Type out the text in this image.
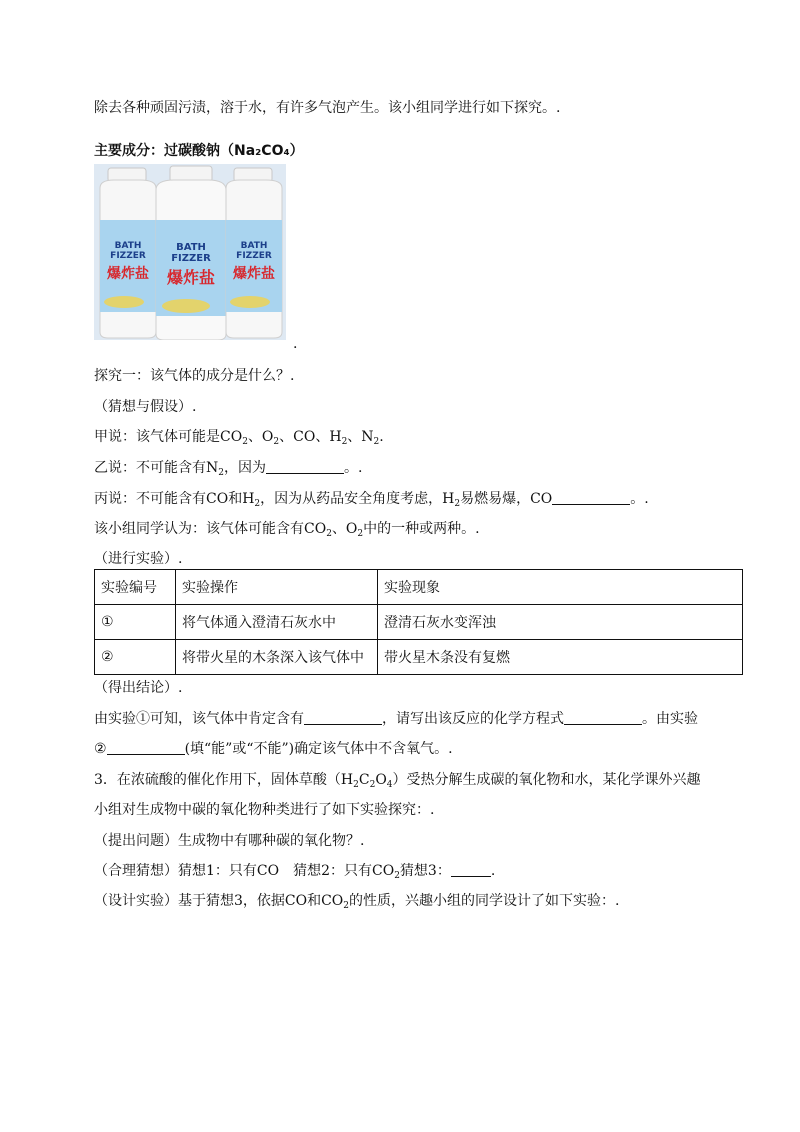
除去各种顽固污渍，溶于水，有许多气泡产生。该小组同学进行如下探究。.
主要成分：过碳酸钠（Na₂CO₄）
BATH
FIZZER
爆炸盐
BATH
FIZZER
爆炸盐
BATH
FIZZER
爆炸盐
.
探究一：该气体的成分是什么？.
（猜想与假设）.
甲说：该气体可能是$CO_2$、$O_2$、CO、$H_2$、$N_2$.
乙说：不可能含有$N_2$，因为	。.
丙说：不可能含有CO和$H_2$，因为从药品安全角度考虑，$H_2$易燃易爆，CO	。.
该小组同学认为：该气体可能含有$CO_2$、$O_2$中的一种或两种。.
（进行实验）.
实验编号	实验操作	实验现象
①	将气体通入澄清石灰水中	澄清石灰水变浑浊
②	将带火星的木条深入该气体中	带火星木条没有复燃
（得出结论）.
由实验①可知，该气体中肯定含有	，请写出该反应的化学方程式	。由实验
②	(填“能”或“不能”)确定该气体中不含氧气。.
3．在浓硫酸的催化作用下，固体草酸$(H_2C_2O_4)$受热分解生成碳的氧化物和水，某化学课外兴趣
小组对生成物中碳的氧化物种类进行了如下实验探究：.
（提出问题）生成物中有哪种碳的氧化物？.
（合理猜想）猜想1：只有CO　猜想2：只有$CO_2$猜想3：	.
（设计实验）基于猜想3，依据CO和$CO_2$的性质，兴趣小组的同学设计了如下实验：.
